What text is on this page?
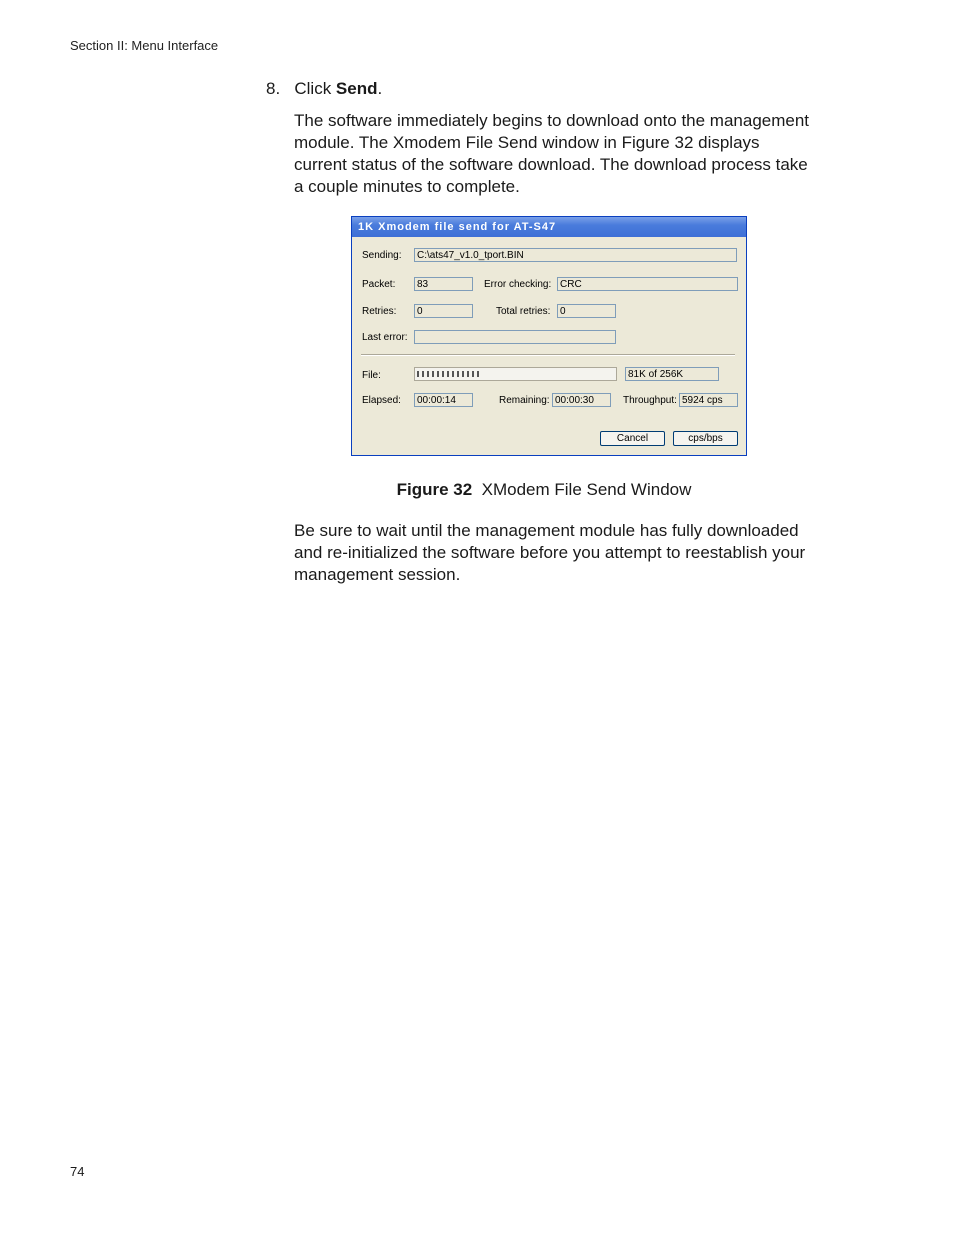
Section II: Menu Interface
8. Click Send.
The software immediately begins to download onto the management module. The Xmodem File Send window in Figure 32 displays current status of the software download. The download process take a couple minutes to complete.
1K Xmodem file send for AT-S47
Sending:	C:\ats47_v1.0_tport.BIN
Packet:	83	Error checking: CRC
Retries:	0	Total retries: 0
Last error:
File:	81K of 256K
Elapsed:	00:00:14	Remaining: 00:00:30	Throughput: 5924 cps
Cancel	cps/bps
Figure 32 XModem File Send Window
Be sure to wait until the management module has fully downloaded and re-initialized the software before you attempt to reestablish your management session.
74
